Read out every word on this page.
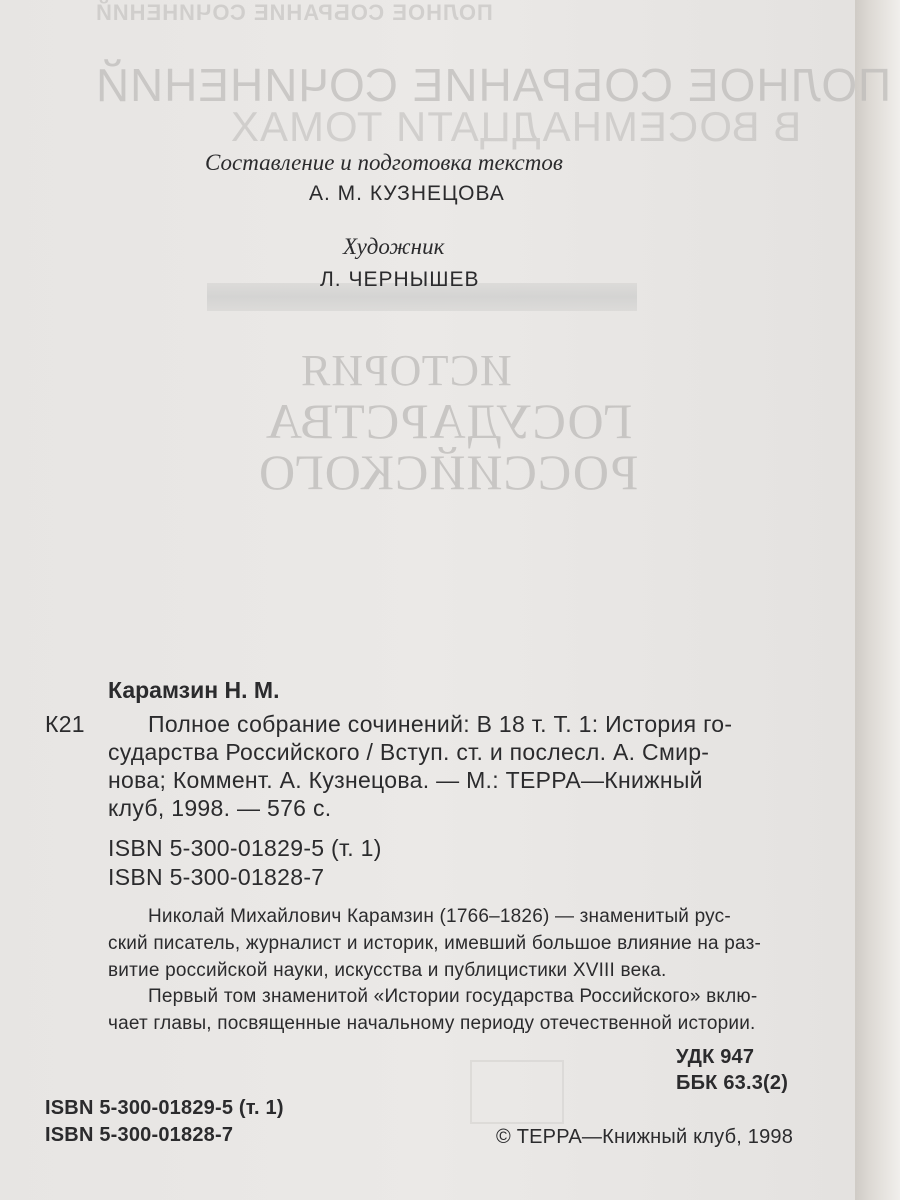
ПОЛНОЕ СОБРАНИЕ СОЧИНЕНИЙ
ПОЛНОЕ СОБРАНИЕ СОЧИНЕНИЙ
В ВОСЕМНАДЦАТИ ТОМАХ
ИСТОРИЯ
ГОСУДАРСТВА
РОССИЙСКОГО
Составление и подготовка текстов
А. М. КУЗНЕЦОВА
Художник
Л. ЧЕРНЫШЕВ
Карамзин Н. М.
К21	Полное собрание сочинений: В 18 т. Т. 1: История го-
сударства Российского / Вступ. ст. и послесл. А. Смир-
нова; Коммент. А. Кузнецова. — М.: ТЕРРА—Книжный
клуб, 1998. — 576 с.
ISBN 5-300-01829-5 (т. 1)
ISBN 5-300-01828-7
Николай Михайлович Карамзин (1766–1826) — знаменитый рус-
ский писатель, журналист и историк, имевший большое влияние на раз-
витие российской науки, искусства и публицистики XVIII века.
Первый том знаменитой «Истории государства Российского» вклю-
чает главы, посвященные начальному периоду отечественной истории.
УДК 947
ББК 63.3(2)
ISBN 5-300-01829-5 (т. 1)
ISBN 5-300-01828-7	© ТЕРРА—Книжный клуб, 1998
